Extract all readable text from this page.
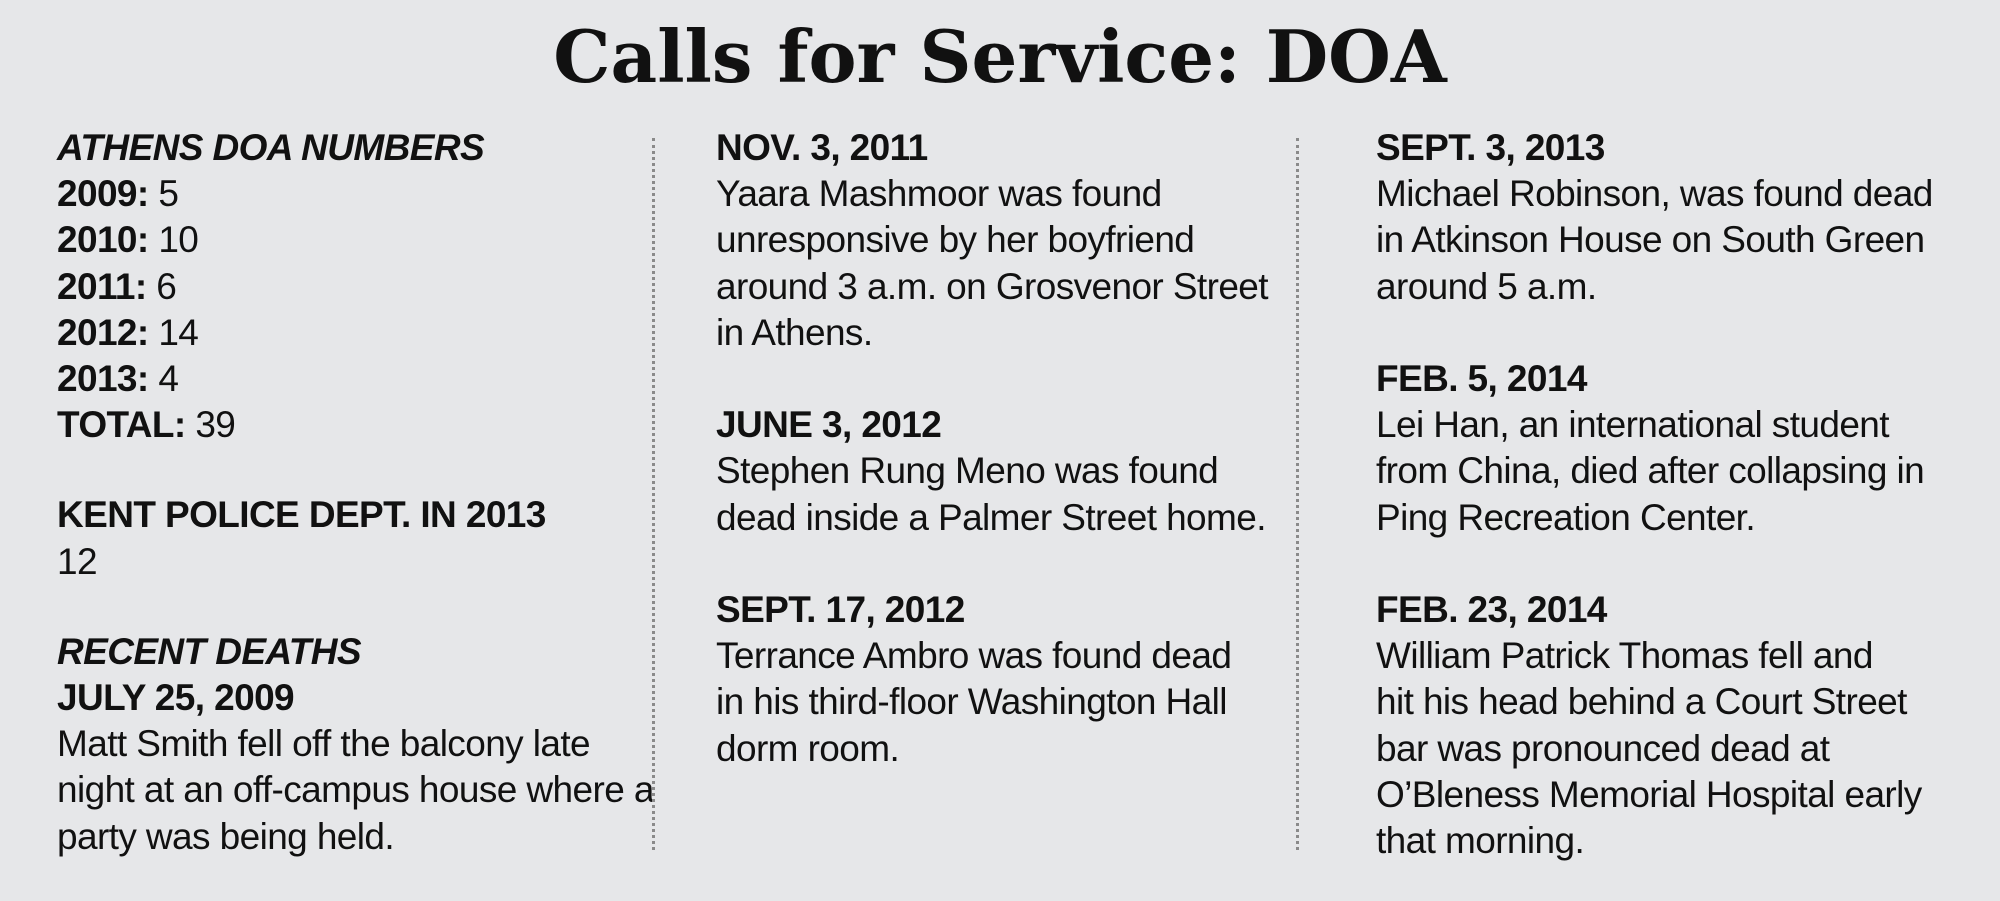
Calls for Service: DOA
ATHENS DOA NUMBERS
2009: 5
2010: 10
2011: 6
2012: 14
2013: 4
TOTAL: 39
KENT POLICE DEPT. IN 2013
12
RECENT DEATHS
JULY 25, 2009
Matt Smith fell off the balcony late
night at an off-campus house where a
party was being held.
NOV. 3, 2011
Yaara Mashmoor was found
unresponsive by her boyfriend
around 3 a.m. on Grosvenor Street
in Athens.
JUNE 3, 2012
Stephen Rung Meno was found
dead inside a Palmer Street home.
SEPT. 17, 2012
Terrance Ambro was found dead
in his third-floor Washington Hall
dorm room.
SEPT. 3, 2013
Michael Robinson, was found dead
in Atkinson House on South Green
around 5 a.m.
FEB. 5, 2014
Lei Han, an international student
from China, died after collapsing in
Ping Recreation Center.
FEB. 23, 2014
William Patrick Thomas fell and
hit his head behind a Court Street
bar was pronounced dead at
O’Bleness Memorial Hospital early
that morning.
